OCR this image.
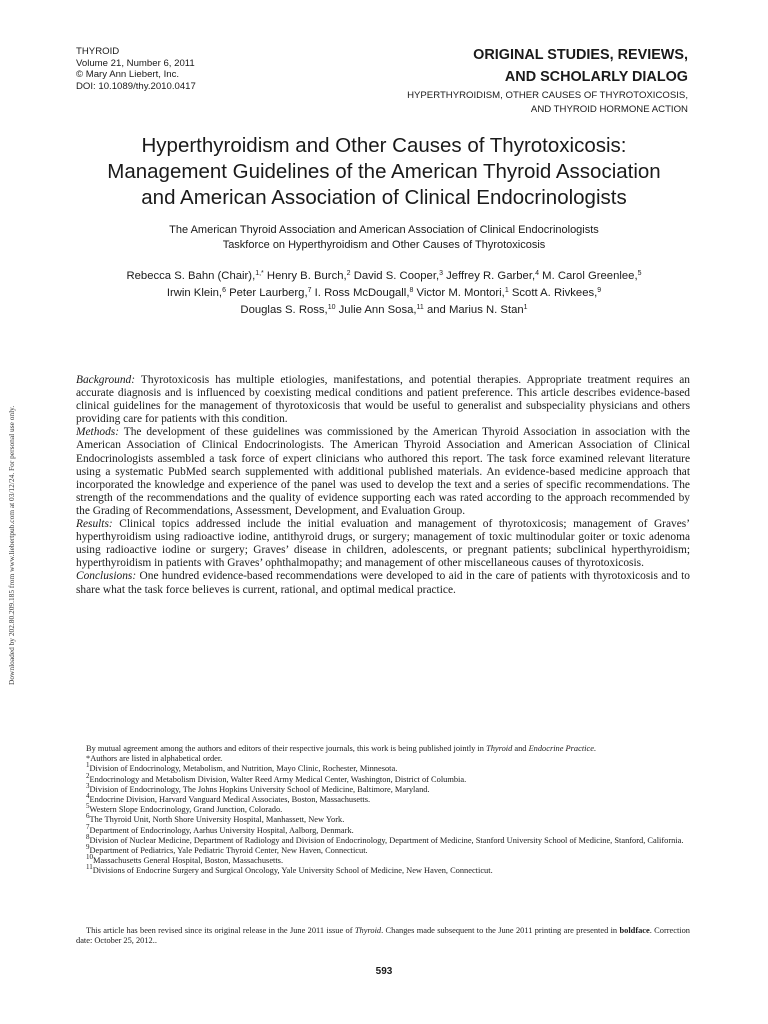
THYROID
Volume 21, Number 6, 2011
© Mary Ann Liebert, Inc.
DOI: 10.1089/thy.2010.0417
ORIGINAL STUDIES, REVIEWS,
AND SCHOLARLY DIALOG
HYPERTHYROIDISM, OTHER CAUSES OF THYROTOXICOSIS,
AND THYROID HORMONE ACTION
Hyperthyroidism and Other Causes of Thyrotoxicosis:
Management Guidelines of the American Thyroid Association
and American Association of Clinical Endocrinologists
The American Thyroid Association and American Association of Clinical Endocrinologists
Taskforce on Hyperthyroidism and Other Causes of Thyrotoxicosis
Rebecca S. Bahn (Chair),$^{1,*}$ Henry B. Burch,$^2$ David S. Cooper,$^3$ Jeffrey R. Garber,$^4$ M. Carol Greenlee,$^5$
Irwin Klein,$^6$ Peter Laurberg,$^7$ I. Ross McDougall,$^8$ Victor M. Montori,$^1$ Scott A. Rivkees,$^9$
Douglas S. Ross,$^{10}$ Julie Ann Sosa,$^{11}$ and Marius N. Stan$^1$
Downloaded by 202.80.209.185 from www.liebertpub.com at 03/12/24. For personal use only.

Background: Thyrotoxicosis has multiple etiologies, manifestations, and potential therapies. Appropriate treatment requires an accurate diagnosis and is influenced by coexisting medical conditions and patient preference. This article describes evidence-based clinical guidelines for the management of thyrotoxicosis that would be useful to generalist and subspeciality physicians and others providing care for patients with this condition.

Methods: The development of these guidelines was commissioned by the American Thyroid Association in association with the American Association of Clinical Endocrinologists. The American Thyroid Association and American Association of Clinical Endocrinologists assembled a task force of expert clinicians who authored this report. The task force examined relevant literature using a systematic PubMed search supplemented with additional published materials. An evidence-based medicine approach that incorporated the knowledge and experience of the panel was used to develop the text and a series of specific recommendations. The strength of the recommendations and the quality of evidence supporting each was rated according to the approach recommended by the Grading of Recommendations, Assessment, Development, and Evaluation Group.

Results: Clinical topics addressed include the initial evaluation and management of thyrotoxicosis; management of Graves’ hyperthyroidism using radioactive iodine, antithyroid drugs, or surgery; management of toxic multinodular goiter or toxic adenoma using radioactive iodine or surgery; Graves’ disease in children, adolescents, or pregnant patients; subclinical hyperthyroidism; hyperthyroidism in patients with Graves’ ophthalmopathy; and management of other miscellaneous causes of thyrotoxicosis.

Conclusions: One hundred evidence-based recommendations were developed to aid in the care of patients with thyrotoxicosis and to share what the task force believes is current, rational, and optimal medical practice.

By mutual agreement among the authors and editors of their respective journals, this work is being published jointly in Thyroid and Endocrine Practice.

*Authors are listed in alphabetical order.

$^1$Division of Endocrinology, Metabolism, and Nutrition, Mayo Clinic, Rochester, Minnesota.

$^2$Endocrinology and Metabolism Division, Walter Reed Army Medical Center, Washington, District of Columbia.

$^3$Division of Endocrinology, The Johns Hopkins University School of Medicine, Baltimore, Maryland.

$^4$Endocrine Division, Harvard Vanguard Medical Associates, Boston, Massachusetts.

$^5$Western Slope Endocrinology, Grand Junction, Colorado.

$^6$The Thyroid Unit, North Shore University Hospital, Manhassett, New York.

$^7$Department of Endocrinology, Aarhus University Hospital, Aalborg, Denmark.

$^8$Division of Nuclear Medicine, Department of Radiology and Division of Endocrinology, Department of Medicine, Stanford University School of Medicine, Stanford, California.

$^9$Department of Pediatrics, Yale Pediatric Thyroid Center, New Haven, Connecticut.

$^{10}$Massachusetts General Hospital, Boston, Massachusetts.

$^{11}$Divisions of Endocrine Surgery and Surgical Oncology, Yale University School of Medicine, New Haven, Connecticut.

This article has been revised since its original release in the June 2011 issue of Thyroid. Changes made subsequent to the June 2011 printing are presented in boldface. Correction date: October 25, 2012..
593
